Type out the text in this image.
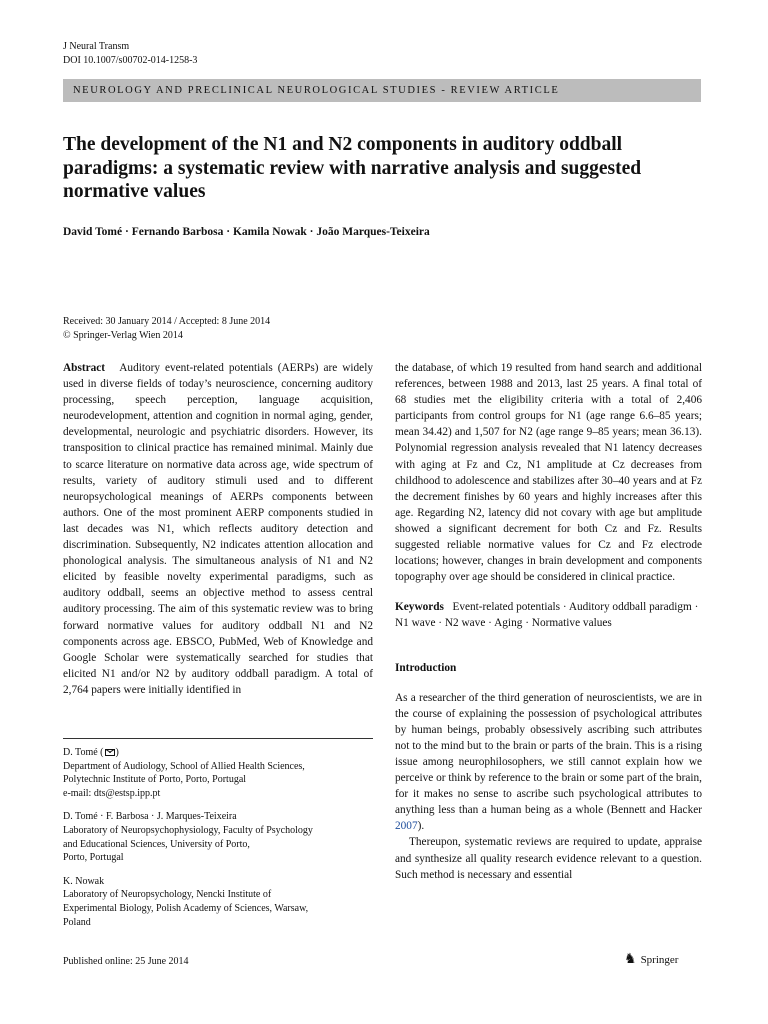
J Neural Transm
DOI 10.1007/s00702-014-1258-3
NEUROLOGY AND PRECLINICAL NEUROLOGICAL STUDIES - REVIEW ARTICLE
The development of the N1 and N2 components in auditory oddball paradigms: a systematic review with narrative analysis and suggested normative values
David Tomé · Fernando Barbosa · Kamila Nowak · João Marques-Teixeira
Received: 30 January 2014 / Accepted: 8 June 2014
© Springer-Verlag Wien 2014
Abstract Auditory event-related potentials (AERPs) are widely used in diverse fields of today’s neuroscience, concerning auditory processing, speech perception, language acquisition, neurodevelopment, attention and cognition in normal aging, gender, developmental, neurologic and psychiatric disorders. However, its transposition to clinical practice has remained minimal. Mainly due to scarce literature on normative data across age, wide spectrum of results, variety of auditory stimuli used and to different neuropsychological meanings of AERPs components between authors. One of the most prominent AERP components studied in last decades was N1, which reflects auditory detection and discrimination. Subsequently, N2 indicates attention allocation and phonological analysis. The simultaneous analysis of N1 and N2 elicited by feasible novelty experimental paradigms, such as auditory oddball, seems an objective method to assess central auditory processing. The aim of this systematic review was to bring forward normative values for auditory oddball N1 and N2 components across age. EBSCO, PubMed, Web of Knowledge and Google Scholar were systematically searched for studies that elicited N1 and/or N2 by auditory oddball paradigm. A total of 2,764 papers were initially identified in
the database, of which 19 resulted from hand search and additional references, between 1988 and 2013, last 25 years. A final total of 68 studies met the eligibility criteria with a total of 2,406 participants from control groups for N1 (age range 6.6–85 years; mean 34.42) and 1,507 for N2 (age range 9–85 years; mean 36.13). Polynomial regression analysis revealed that N1 latency decreases with aging at Fz and Cz, N1 amplitude at Cz decreases from childhood to adolescence and stabilizes after 30–40 years and at Fz the decrement finishes by 60 years and highly increases after this age. Regarding N2, latency did not covary with age but amplitude showed a significant decrement for both Cz and Fz. Results suggested reliable normative values for Cz and Fz electrode locations; however, changes in brain development and components topography over age should be considered in clinical practice.
Keywords Event-related potentials · Auditory oddball paradigm · N1 wave · N2 wave · Aging · Normative values
Introduction

As a researcher of the third generation of neuroscientists, we are in the course of explaining the possession of psychological attributes by human beings, probably obsessively ascribing such attributes not to the mind but to the brain or parts of the brain. This is a rising issue among neurophilosophers, we still cannot explain how we perceive or think by reference to the brain or some part of the brain, for it makes no sense to ascribe such psychological attributes to anything less than a human being as a whole (Bennett and Hacker 2007).

Thereupon, systematic reviews are required to update, appraise and synthesize all quality research evidence relevant to a question. Such method is necessary and essential

D. Tomé ( )
Department of Audiology, School of Allied Health Sciences,
Polytechnic Institute of Porto, Porto, Portugal
e-mail: dts@estsp.ipp.pt
D. Tomé · F. Barbosa · J. Marques-Teixeira
Laboratory of Neuropsychophysiology, Faculty of Psychology
and Educational Sciences, University of Porto,
Porto, Portugal
K. Nowak
Laboratory of Neuropsychology, Nencki Institute of
Experimental Biology, Polish Academy of Sciences, Warsaw,
Poland
Published online: 25 June 2014	♞ Springer
